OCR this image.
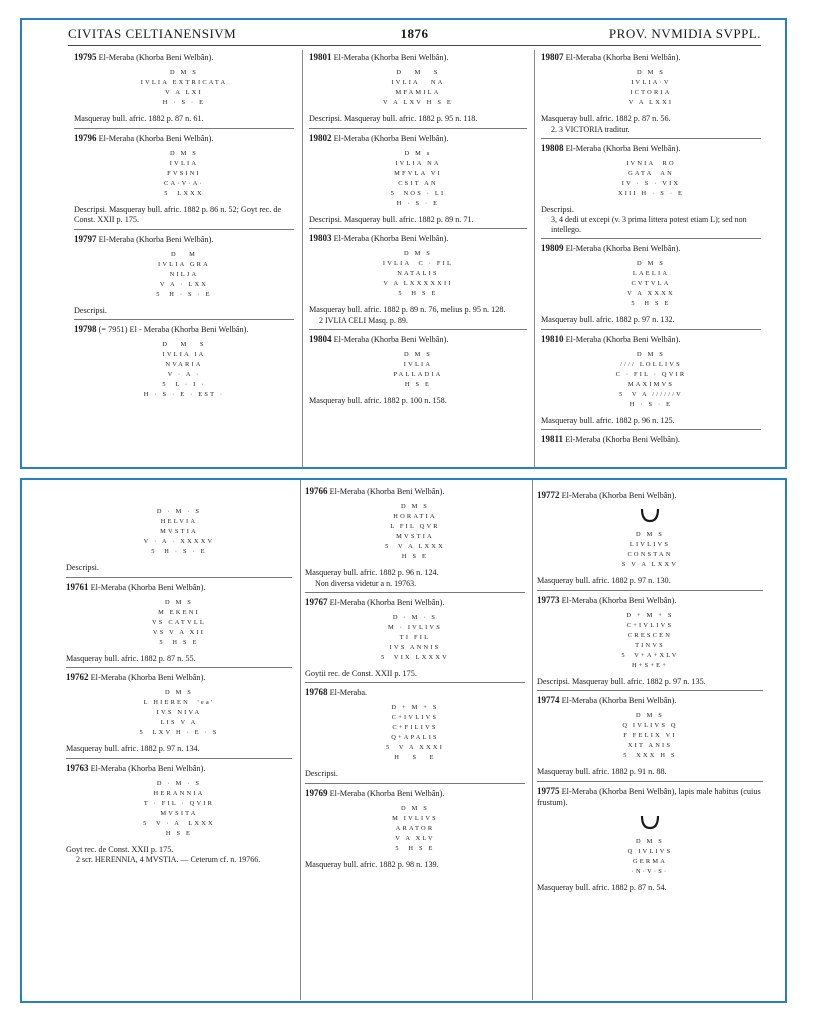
CIVITAS CELTIANENSIVM	1876	PROV. NVMIDIA SVPPL.
19795 El-Meraba (Khorba Beni Welbân).
D M S
IVLIA EXTRICATA
V A LXI
H · S · E
Masqueray bull. afric. 1882 p. 87 n. 61.
19796 El-Meraba (Khorba Beni Welbân).
D M S
IVLIA
FVSINI
CA·V·A·
5  LXXX
Descripsi. Masqueray bull. afric. 1882 p. 86 n. 52; Goyt rec. de Const. XXII p. 175.
19797 El-Meraba (Khorba Beni Welbân).
D   M
IVLIA GRA
NILJA
V A · LXX
5  H · S · E
Descripsi.
19798 (= 7951) El - Meraba (Khorba Beni Welbân).
D   M   S
IVLIA IA
NVARIA
V · A ·
5  L · I ·
H · S · E · EST ·
19801 El-Meraba (Khorba Beni Welbân).
D   M   S
IVLIA   NA
MFAMILA
V A LXV H S E
Descripsi. Masqueray bull. afric. 1882 p. 95 n. 118.
19802 El-Meraba (Khorba Beni Welbân).
D M s
IVLIA NA
MFVLA VI
CSIT AN
5  NOS · LI
H · S · E
Descripsi. Masqueray bull. afric. 1882 p. 89 n. 71.
19803 El-Meraba (Khorba Beni Welbân).
D M S
IVLIA  C · FIL
NATALIS
V A LXXXXXII
5  H S E
Masqueray bull. afric. 1882 p. 89 n. 76, melius p. 95 n. 128.
2 IVLIA CELI Masq. p. 89.
19804 El-Meraba (Khorba Beni Welbân).
D M S
IVLIA
PALLADIA
H S E
Masqueray bull. afric. 1882 p. 100 n. 158.
19807 El-Meraba (Khorba Beni Welbân).
D M S
IVLIA·V
ICTORIA
V A LXXI
Masqueray bull. afric. 1882 p. 87 n. 56.
2. 3 VICTORIA traditur.
19808 El-Meraba (Khorba Beni Welbân).
IVNIA  RO
GATA  AN
IV · S · VIX
XIII H · S · E
Descripsi.
3, 4 dedi ut excepi (v. 3 prima littera potest etiam L); sed non intellego.
19809 El-Meraba (Khorba Beni Welbân).
D M S
LAELIA
CVTVLA
V A XXXX
5  H S E
Masqueray bull. afric. 1882 p. 97 n. 132.
19810 El-Meraba (Khorba Beni Welbân).
D M S
//// LOLLIVS
C · FIL · QVIR
MAXIMVS
5  V A //////V
H · S · E
Masqueray bull. afric. 1882 p. 96 n. 125.
19811 El-Meraba (Khorba Beni Welbân).
D · M · S
HELVIA
MVSTIA
V · A · XXXXV
5  H · S · E
Descripsi.
19761 El-Meraba (Khorba Beni Welbân).
D M S
M EKENI
VS CATVLL
VS V A XII
5  H S E
Masqueray bull. afric. 1882 p. 87 n. 55.
19762 El-Meraba (Khorba Beni Welbân).
D M S
L HIEREN  'ea'
IVS NIVA
LIS V A
5  LXV H · E · S
Masqueray bull. afric. 1882 p. 97 n. 134.
19763 El-Meraba (Khorba Beni Welbân).
D · M · S
HERANNIA
T · FIL · QVIR
MVSITA
5  V · A  LXXX
H S E
Goyt rec. de Const. XXII p. 175.
2 scr. HERENNIA, 4 MVSTIA. — Ceterum cf. n. 19766.
19766 El-Meraba (Khorba Beni Welbân).
D M S
HORATIA
L FIL QVR
MVSTIA
5  V A LXXX
H S E
Masqueray bull. afric. 1882 p. 96 n. 124.
Non diversa videtur a n. 19763.
19767 El-Meraba (Khorba Beni Welbân).
D · M · S
M · IVLIVS
TI FIL
IVS ANNIS
5  VIX LXXXV
Goytii rec. de Const. XXII p. 175.
19768 El-Meraba.
D + M + S
C+IVLIVS
C+FILIVS
Q+APALIS
5  V A XXXI
H   S   E
Descripsi.
19769 El-Meraba (Khorba Beni Welbân).
D M S
M IVLIVS
ARATOR
V A XLV
5  H S E
Masqueray bull. afric. 1882 p. 98 n. 139.
19772 El-Meraba (Khorba Beni Welbân).
D M S
LIVLIVS
CONSTAN
S V A LXXV
Masqueray bull. afric. 1882 p. 97 n. 130.
19773 El-Meraba (Khorba Beni Welbân).
D + M + S
C+IVLIVS
CRESCEN
TINVS
5  V+A+XLV
H+S+E+
Descripsi. Masqueray bull. afric. 1882 p. 97 n. 135.
19774 El-Meraba (Khorba Beni Welbân).
D M S
Q IVLIVS Q
F FELIX VI
XIT ANIS
5  XXX H S
Masqueray bull. afric. 1882 p. 91 n. 88.
19775 El-Meraba (Khorba Beni Welbân), lapis male habitus (cuius frustum).
D M S
Q IVLIVS
GERMA
·N·V·S·
Masqueray bull. afric. 1882 p. 87 n. 54.
